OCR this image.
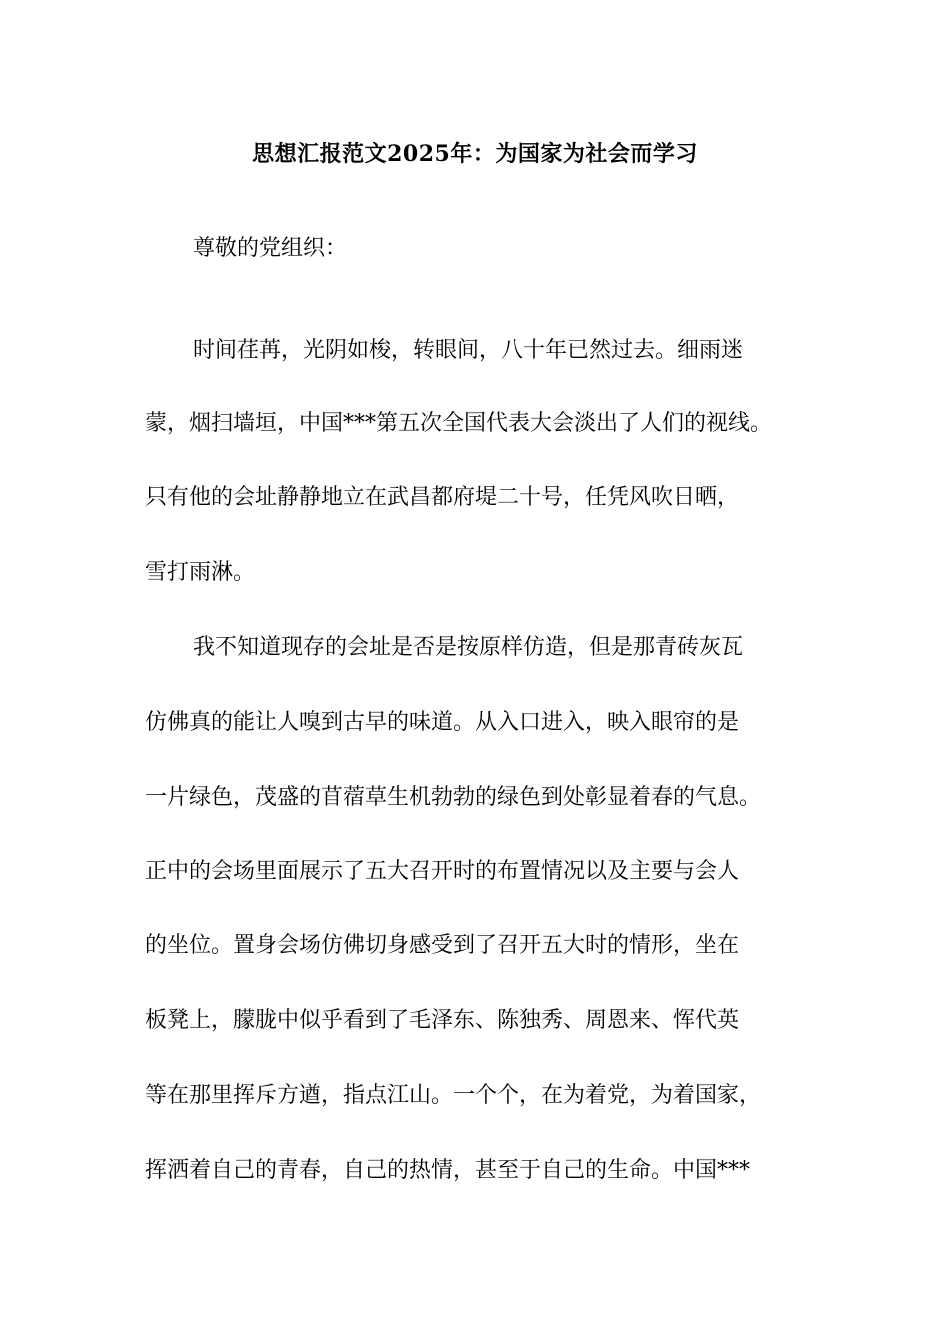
思想汇报范文2025年：为国家为社会而学习
尊敬的党组织：
时间荏苒，光阴如梭，转眼间，八十年已然过去。细雨迷
蒙，烟扫墙垣，中国***第五次全国代表大会淡出了人们的视线。
只有他的会址静静地立在武昌都府堤二十号，任凭风吹日晒，
雪打雨淋。
我不知道现存的会址是否是按原样仿造，但是那青砖灰瓦
仿佛真的能让人嗅到古早的味道。从入口进入，映入眼帘的是
一片绿色，茂盛的苜蓿草生机勃勃的绿色到处彰显着春的气息。
正中的会场里面展示了五大召开时的布置情况以及主要与会人
的坐位。置身会场仿佛切身感受到了召开五大时的情形，坐在
板凳上，朦胧中似乎看到了毛泽东、陈独秀、周恩来、恽代英
等在那里挥斥方遒，指点江山。一个个，在为着党，为着国家，
挥洒着自己的青春，自己的热情，甚至于自己的生命。中国***
